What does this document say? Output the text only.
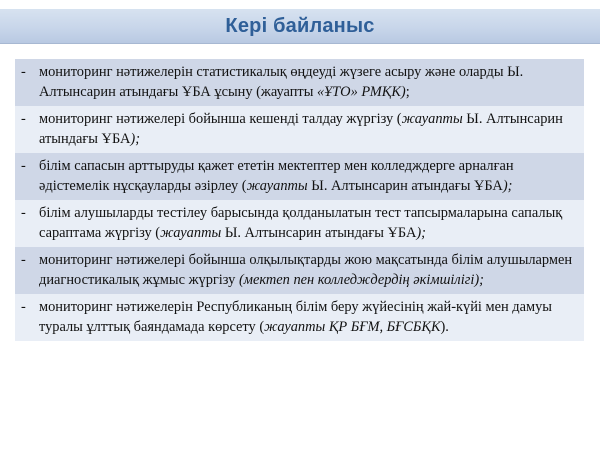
Кері байланыс
- мониторинг нәтижелерін статистикалық өңдеуді жүзеге асыру және оларды Ы. Алтынсарин атындағы ҰБА ұсыну (жауапты «ҰТО» РМҚК);
- мониторинг нәтижелері бойынша кешенді талдау жүргізу (жауапты Ы. Алтынсарин атындағы ҰБА);
- білім сапасын арттыруды қажет ететін мектептер мен колледждерге арналған әдістемелік нұсқауларды әзірлеу (жауапты Ы. Алтынсарин атындағы ҰБА);
- білім алушыларды тестілеу барысында қолданылатын тест тапсырмаларына сапалық сараптама жүргізу (жауапты Ы. Алтынсарин атындағы ҰБА);
- мониторинг нәтижелері бойынша олқылықтарды жою мақсатында білім алушылармен диагностикалық жұмыс жүргізу (мектеп пен колледждердің әкімшілігі);
- мониторинг нәтижелерін Республиканың білім беру жүйесінің жай-күйі мен дамуы туралы ұлттық баяндамада көрсету (жауапты ҚР БҒМ, БҒСБҚК).
